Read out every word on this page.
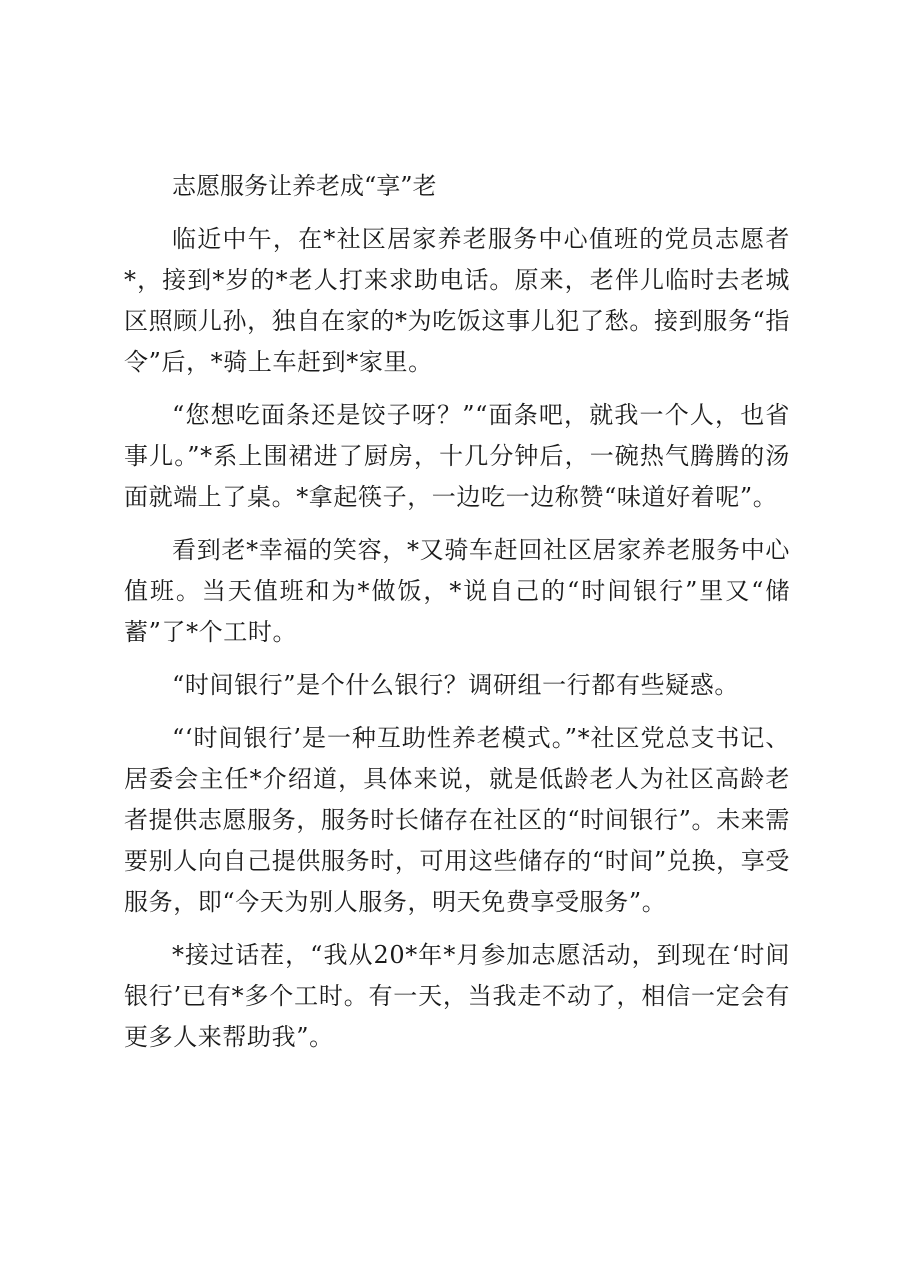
志愿服务让养老成“享”老

临近中午，在*社区居家养老服务中心值班的党员志愿者*，接到*岁的*老人打来求助电话。原来，老伴儿临时去老城区照顾儿孙，独自在家的*为吃饭这事儿犯了愁。接到服务“指令”后，*骑上车赶到*家里。

“您想吃面条还是饺子呀？”“面条吧，就我一个人，也省事儿。”*系上围裙进了厨房，十几分钟后，一碗热气腾腾的汤面就端上了桌。*拿起筷子，一边吃一边称赞“味道好着呢”。

看到老*幸福的笑容，*又骑车赶回社区居家养老服务中心值班。当天值班和为*做饭，*说自己的“时间银行”里又“储蓄”了*个工时。

“时间银行”是个什么银行？调研组一行都有些疑惑。

“‘时间银行’是一种互助性养老模式。”*社区党总支书记、居委会主任*介绍道，具体来说，就是低龄老人为社区高龄老者提供志愿服务，服务时长储存在社区的“时间银行”。未来需要别人向自己提供服务时，可用这些储存的“时间”兑换，享受服务，即“今天为别人服务，明天免费享受服务”。

*接过话茬，“我从20*年*月参加志愿活动，到现在‘时间银行’已有*多个工时。有一天，当我走不动了，相信一定会有更多人来帮助我”。
